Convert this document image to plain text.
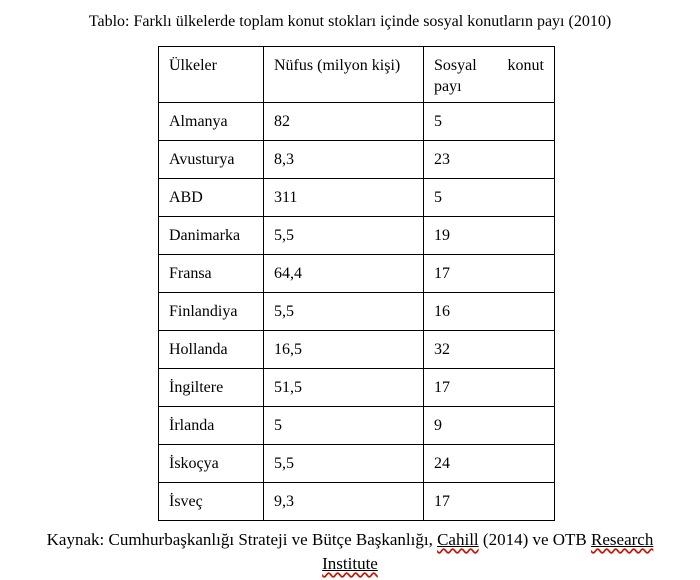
Tablo: Farklı ülkelerde toplam konut stokları içinde sosyal konutların payı (2010)
Ülkeler	Nüfus (milyon kişi)	Sosyal konut
payı
Almanya	82	5
Avusturya	8,3	23
ABD	311	5
Danimarka	5,5	19
Fransa	64,4	17
Finlandiya	5,5	16
Hollanda	16,5	32
İngiltere	51,5	17
İrlanda	5	9
İskoçya	5,5	24
İsveç	9,3	17
Kaynak: Cumhurbaşkanlığı Strateji ve Bütçe Başkanlığı, Cahill (2014) ve OTB Research
Institute
